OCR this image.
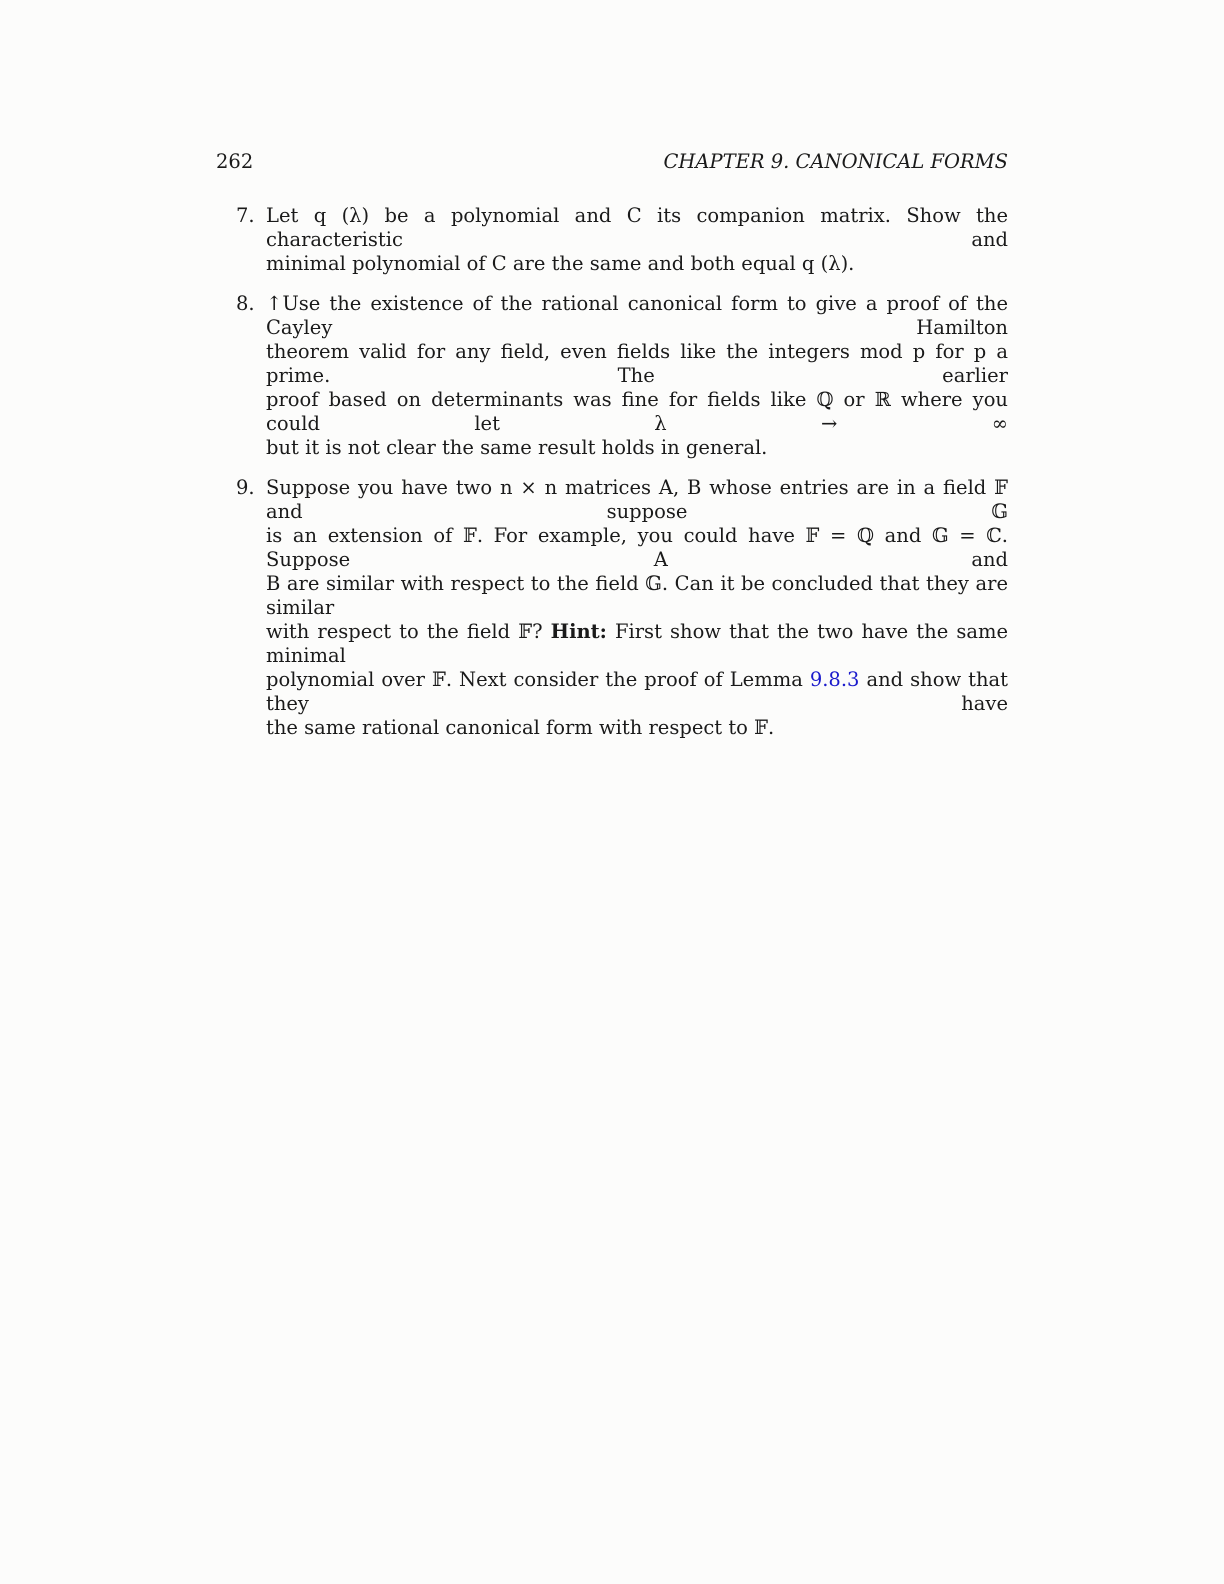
262	CHAPTER 9. CANONICAL FORMS
7. Let q (λ) be a polynomial and C its companion matrix. Show the characteristic and
minimal polynomial of C are the same and both equal q (λ).
8. ↑Use the existence of the rational canonical form to give a proof of the Cayley Hamilton
theorem valid for any field, even fields like the integers mod p for p a prime. The earlier
proof based on determinants was fine for fields like ℚ or ℝ where you could let λ → ∞
but it is not clear the same result holds in general.
9. Suppose you have two n × n matrices A, B whose entries are in a field 𝔽 and suppose 𝔾
is an extension of 𝔽. For example, you could have 𝔽 = ℚ and 𝔾 = ℂ. Suppose A and
B are similar with respect to the field 𝔾. Can it be concluded that they are similar
with respect to the field 𝔽? Hint: First show that the two have the same minimal
polynomial over 𝔽. Next consider the proof of Lemma 9.8.3 and show that they have
the same rational canonical form with respect to 𝔽.
